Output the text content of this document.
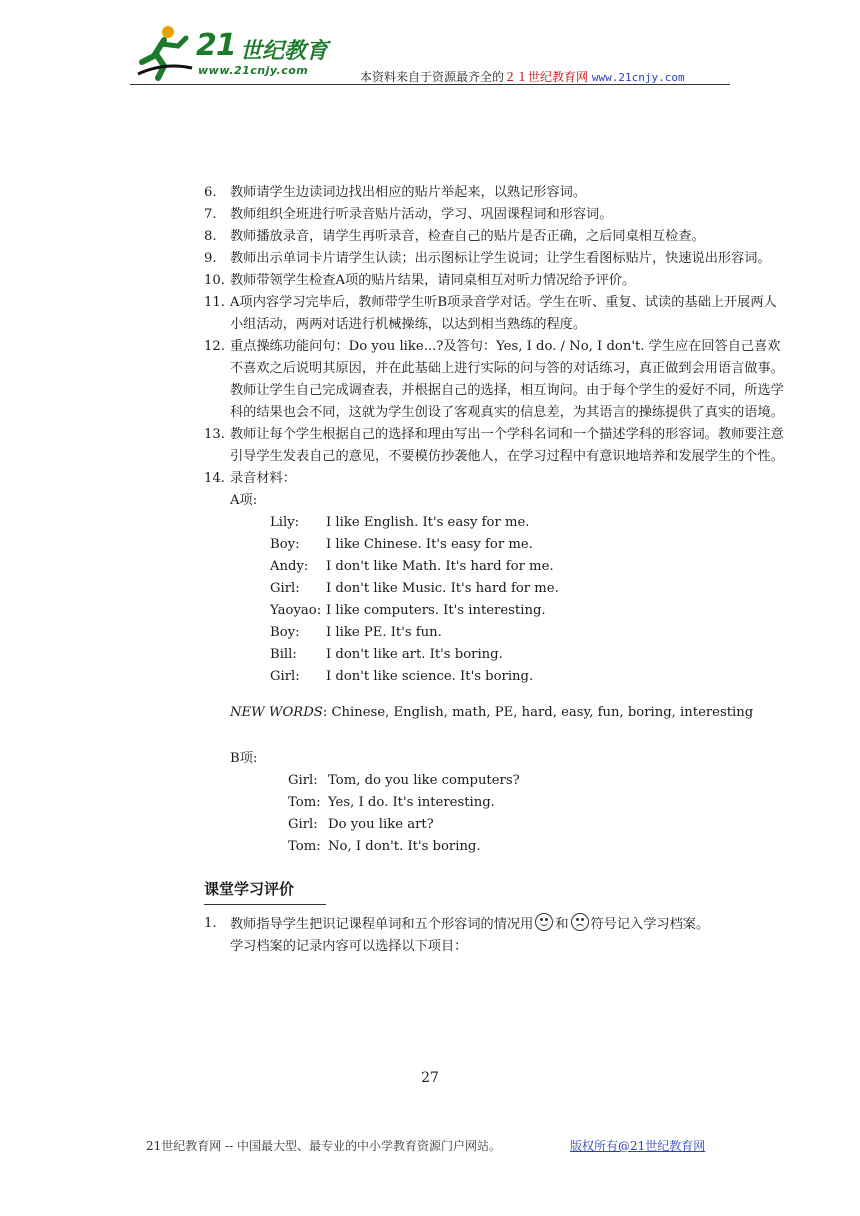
21 世纪教育
www.21cnjy.com	本资料来自于资源最齐全的２１世纪教育网 www.21cnjy.com
6. 教师请学生边读词边找出相应的贴片举起来，以熟记形容词。
7. 教师组织全班进行听录音贴片活动，学习、巩固课程词和形容词。
8. 教师播放录音，请学生再听录音，检查自己的贴片是否正确，之后同桌相互检查。
9. 教师出示单词卡片请学生认读；出示图标让学生说词；让学生看图标贴片，快速说出形容词。
10. 教师带领学生检查A项的贴片结果，请同桌相互对听力情况给予评价。
11. A项内容学习完毕后，教师带学生听B项录音学对话。学生在听、重复、试读的基础上开展两人小组活动，两两对话进行机械操练，以达到相当熟练的程度。
12. 重点操练功能问句：Do you like...?及答句：Yes, I do. / No, I don't. 学生应在回答自己喜欢不喜欢之后说明其原因，并在此基础上进行实际的问与答的对话练习，真正做到会用语言做事。教师让学生自己完成调查表，并根据自己的选择，相互询问。由于每个学生的爱好不同，所选学科的结果也会不同，这就为学生创设了客观真实的信息差，为其语言的操练提供了真实的语境。
13. 教师让每个学生根据自己的选择和理由写出一个学科名词和一个描述学科的形容词。教师要注意引导学生发表自己的意见，不要模仿抄袭他人，在学习过程中有意识地培养和发展学生的个性。
14. 录音材料：
A项:
Lily: I like English. It's easy for me.
Boy: I like Chinese. It's easy for me.
Andy: I don't like Math. It's hard for me.
Girl: I don't like Music. It's hard for me.
Yaoyao: I like computers. It's interesting.
Boy: I like PE. It's fun.
Bill: I don't like art. It's boring.
Girl: I don't like science. It's boring.
NEW WORDS: Chinese, English, math, PE, hard, easy, fun, boring, interesting
B项:
Girl: Tom, do you like computers?
Tom: Yes, I do. It's interesting.
Girl: Do you like art?
Tom: No, I don't. It's boring.
课堂学习评价
1. 教师指导学生把识记课程单词和五个形容词的情况用 和 符号记入学习档案。
学习档案的记录内容可以选择以下项目：
27
21世纪教育网 -- 中国最大型、最专业的中小学教育资源门户网站。	版权所有@21世纪教育网
